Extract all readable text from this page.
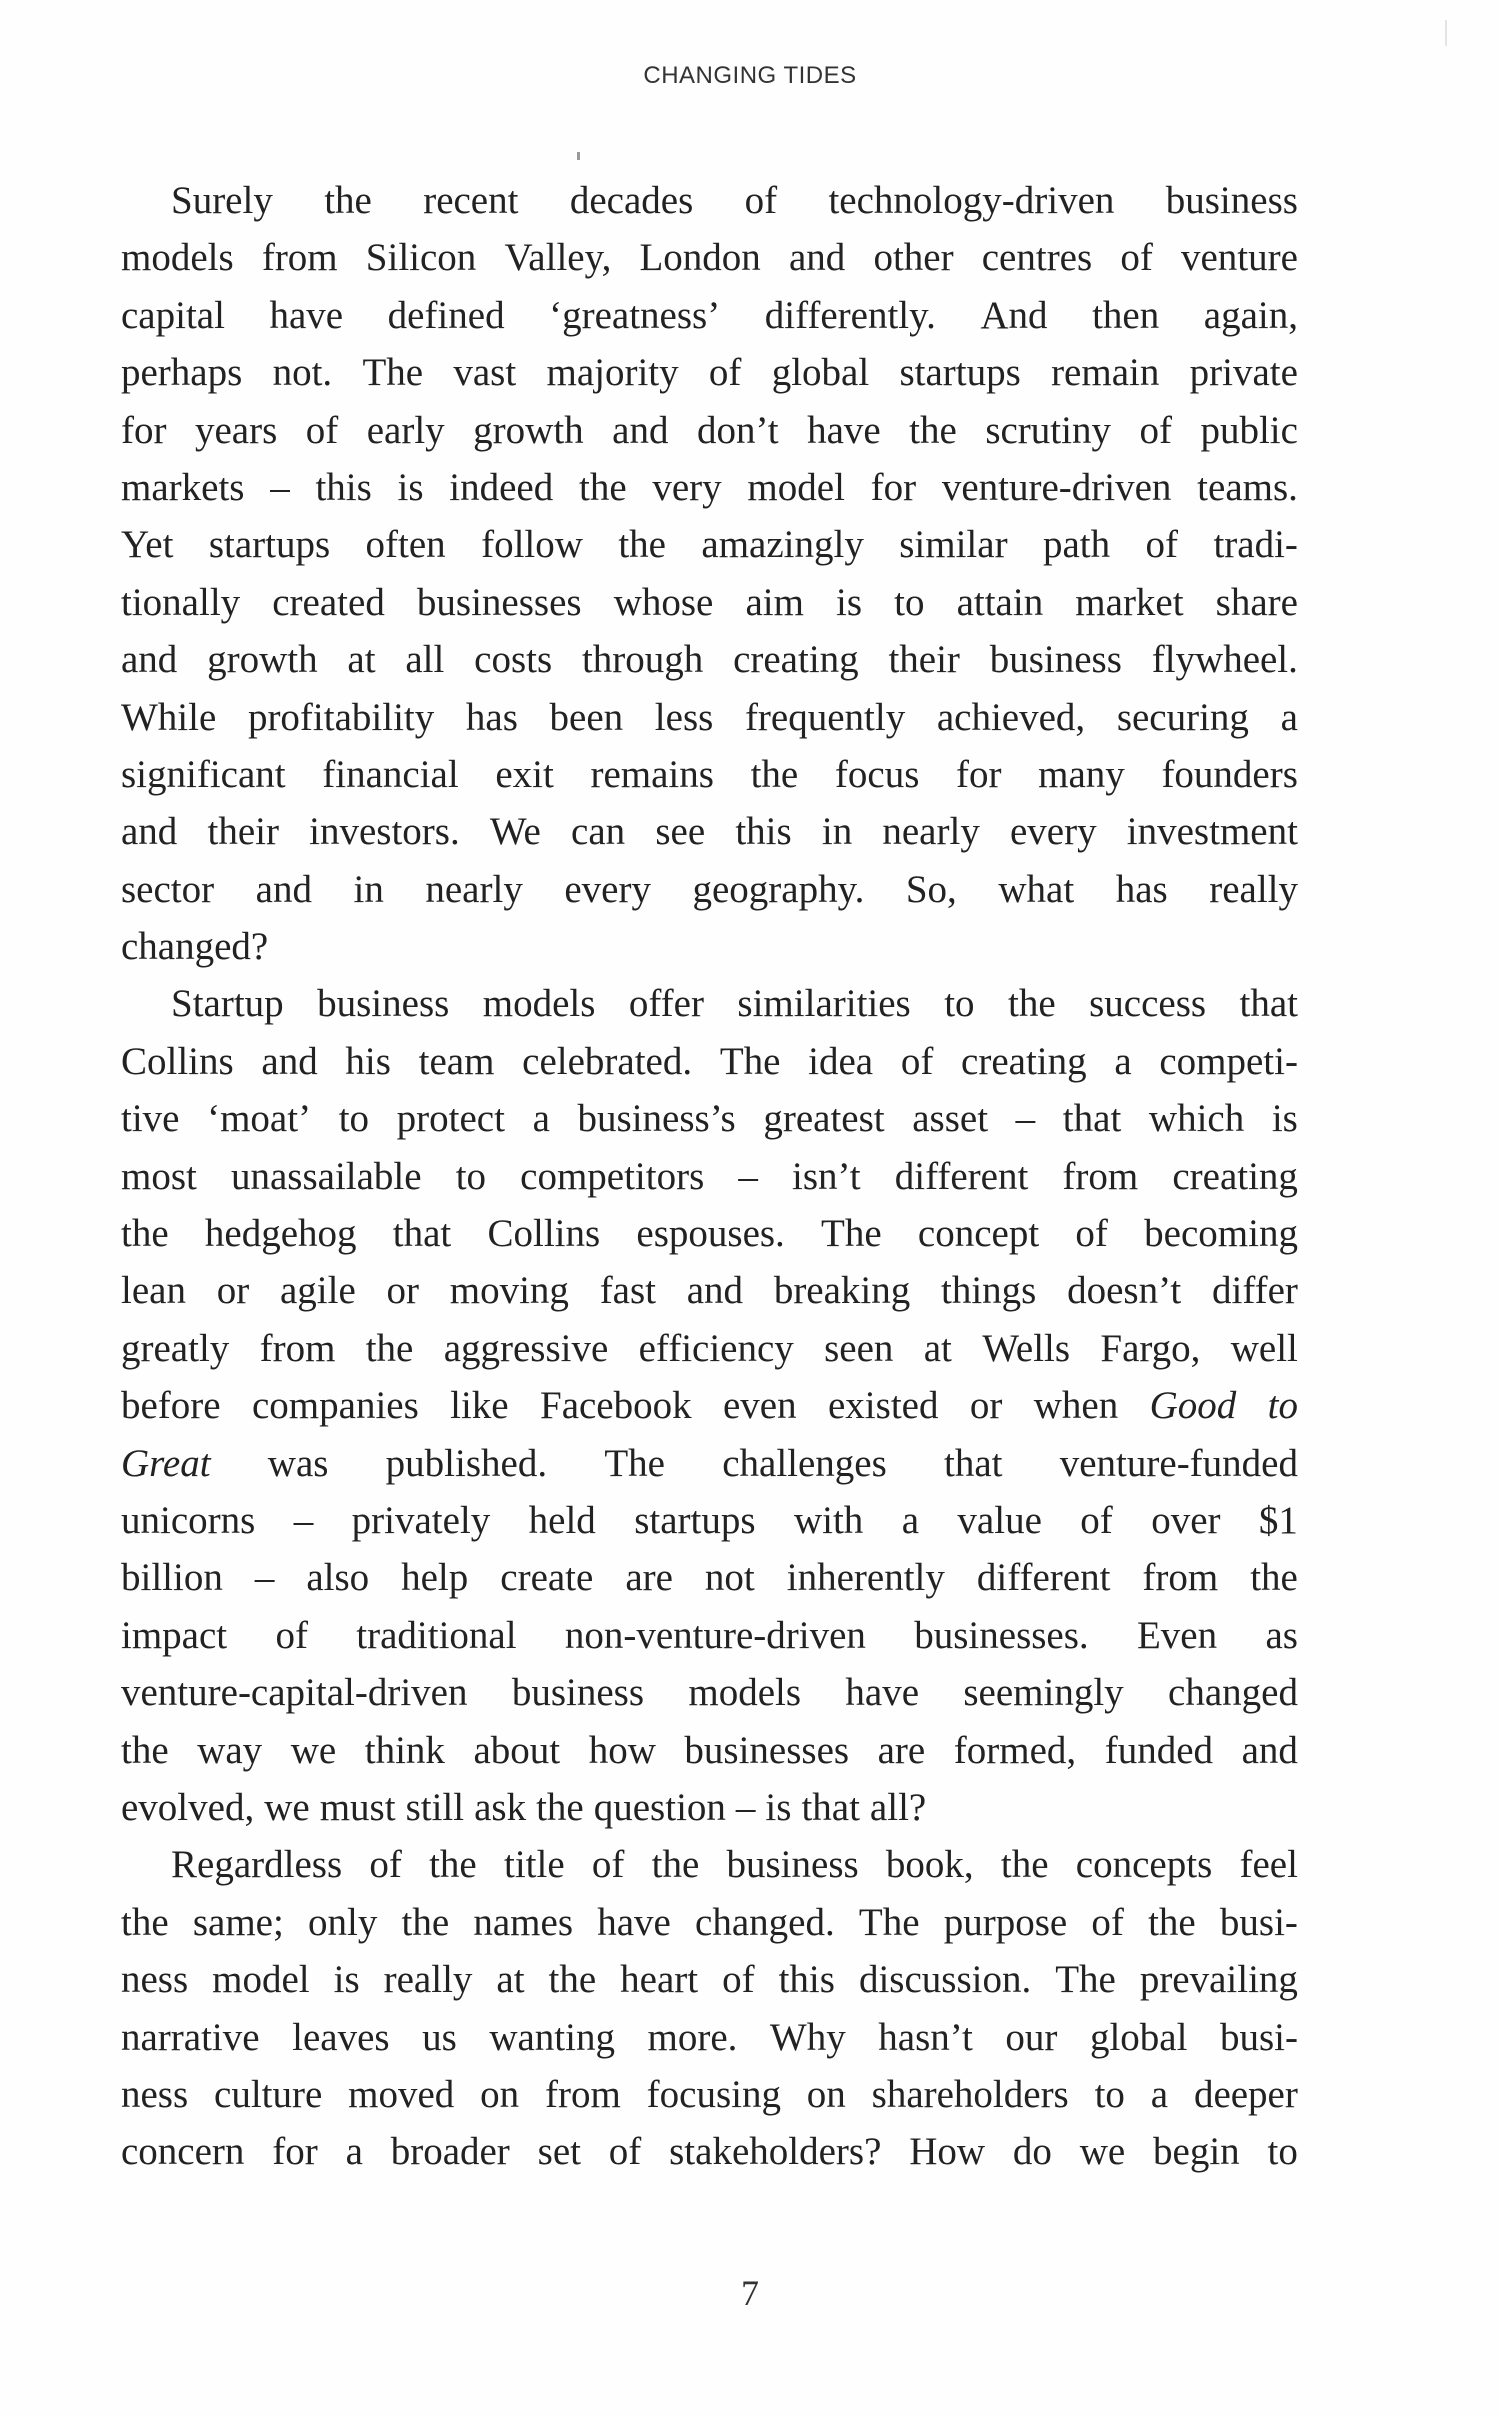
CHANGING TIDES
Surely the recent decades of technology-driven business
models from Silicon Valley, London and other centres of venture
capital have defined ‘greatness’ differently. And then again,
perhaps not. The vast majority of global startups remain private
for years of early growth and don’t have the scrutiny of public
markets – this is indeed the very model for venture-driven teams.
Yet startups often follow the amazingly similar path of tradi-
tionally created businesses whose aim is to attain market share
and growth at all costs through creating their business flywheel.
While profitability has been less frequently achieved, securing a
significant financial exit remains the focus for many founders
and their investors. We can see this in nearly every investment
sector and in nearly every geography. So, what has really
changed?
Startup business models offer similarities to the success that
Collins and his team celebrated. The idea of creating a competi-
tive ‘moat’ to protect a business’s greatest asset – that which is
most unassailable to competitors – isn’t different from creating
the hedgehog that Collins espouses. The concept of becoming
lean or agile or moving fast and breaking things doesn’t differ
greatly from the aggressive efficiency seen at Wells Fargo, well
before companies like Facebook even existed or when Good to
Great was published. The challenges that venture-funded
unicorns – privately held startups with a value of over $1
billion – also help create are not inherently different from the
impact of traditional non-venture-driven businesses. Even as
venture-capital-driven business models have seemingly changed
the way we think about how businesses are formed, funded and
evolved, we must still ask the question – is that all?
Regardless of the title of the business book, the concepts feel
the same; only the names have changed. The purpose of the busi-
ness model is really at the heart of this discussion. The prevailing
narrative leaves us wanting more. Why hasn’t our global busi-
ness culture moved on from focusing on shareholders to a deeper
concern for a broader set of stakeholders? How do we begin to
7
